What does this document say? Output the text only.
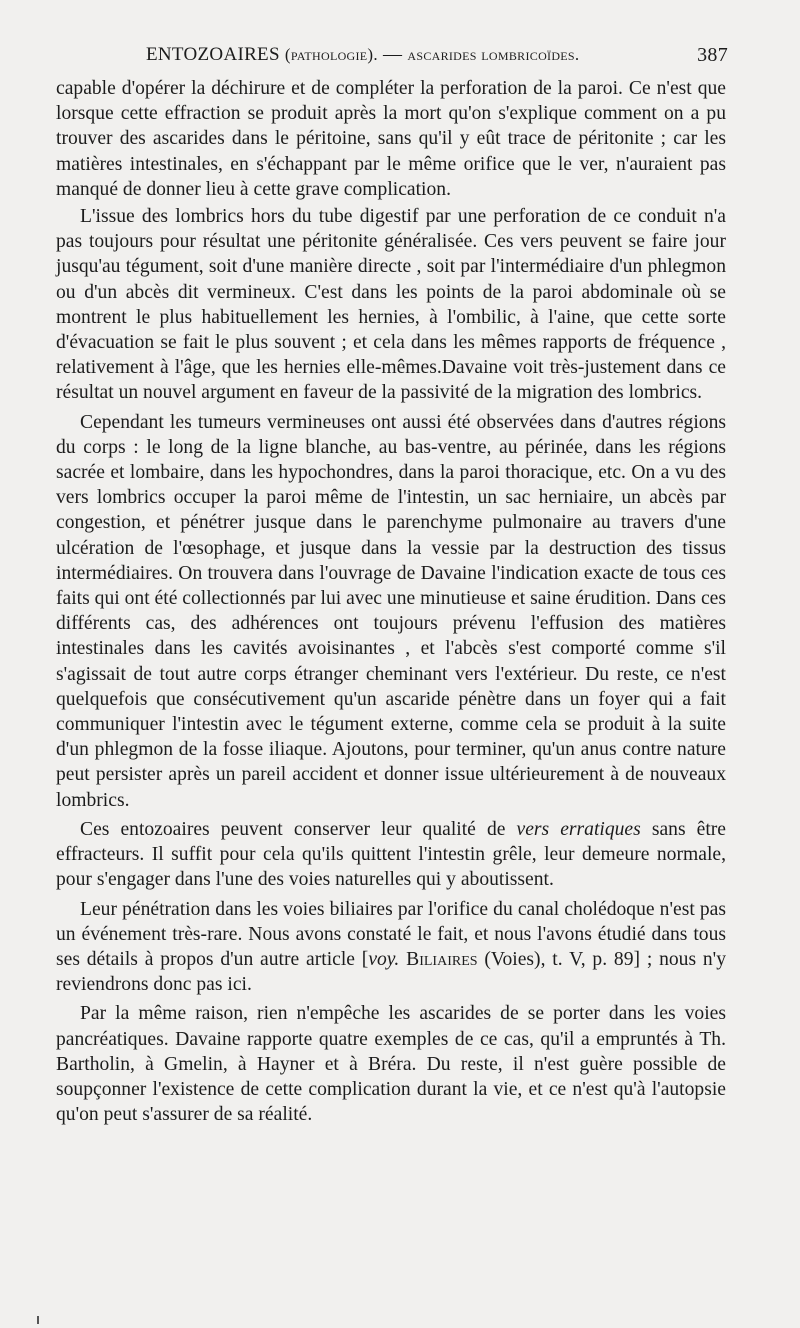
ENTOZOAIRES (pathologie). — ascarides lombricoïdes.	387

capable d'opérer la déchirure et de compléter la perforation de la paroi. Ce n'est que lorsque cette effraction se produit après la mort qu'on s'explique comment on a pu trouver des ascarides dans le péritoine, sans qu'il y eût trace de péritonite ; car les matières intestinales, en s'échappant par le même orifice que le ver, n'auraient pas manqué de donner lieu à cette grave complication.

L'issue des lombrics hors du tube digestif par une perforation de ce conduit n'a pas toujours pour résultat une péritonite généralisée. Ces vers peuvent se faire jour jusqu'au tégument, soit d'une manière directe , soit par l'intermédiaire d'un phlegmon ou d'un abcès dit vermineux. C'est dans les points de la paroi abdominale où se montrent le plus habituellement les hernies, à l'ombilic, à l'aine, que cette sorte d'évacuation se fait le plus souvent ; et cela dans les mêmes rapports de fréquence , relativement à l'âge, que les hernies elle-mêmes.Davaine voit très-justement dans ce résultat un nouvel argument en faveur de la passivité de la migration des lombrics.

Cependant les tumeurs vermineuses ont aussi été observées dans d'autres régions du corps : le long de la ligne blanche, au bas-ventre, au périnée, dans les régions sacrée et lombaire, dans les hypochondres, dans la paroi thoracique, etc. On a vu des vers lombrics occuper la paroi même de l'intestin, un sac herniaire, un abcès par congestion, et pénétrer jusque dans le parenchyme pulmonaire au travers d'une ulcération de l'œsophage, et jusque dans la vessie par la destruction des tissus intermédiaires. On trouvera dans l'ouvrage de Davaine l'indication exacte de tous ces faits qui ont été collectionnés par lui avec une minutieuse et saine érudition. Dans ces différents cas, des adhérences ont toujours prévenu l'effusion des matières intestinales dans les cavités avoisinantes , et l'abcès s'est comporté comme s'il s'agissait de tout autre corps étranger cheminant vers l'extérieur. Du reste, ce n'est quelquefois que consécutivement qu'un ascaride pénètre dans un foyer qui a fait communiquer l'intestin avec le tégument externe, comme cela se produit à la suite d'un phlegmon de la fosse iliaque. Ajoutons, pour terminer, qu'un anus contre nature peut persister après un pareil accident et donner issue ultérieurement à de nouveaux lombrics.

Ces entozoaires peuvent conserver leur qualité de vers erratiques sans être effracteurs. Il suffit pour cela qu'ils quittent l'intestin grêle, leur demeure normale, pour s'engager dans l'une des voies naturelles qui y aboutissent.

Leur pénétration dans les voies biliaires par l'orifice du canal cholédoque n'est pas un événement très-rare. Nous avons constaté le fait, et nous l'avons étudié dans tous ses détails à propos d'un autre article [voy. Biliaires (Voies), t. V, p. 89] ; nous n'y reviendrons donc pas ici.

Par la même raison, rien n'empêche les ascarides de se porter dans les voies pancréatiques. Davaine rapporte quatre exemples de ce cas, qu'il a empruntés à Th. Bartholin, à Gmelin, à Hayner et à Bréra. Du reste, il n'est guère possible de soupçonner l'existence de cette complication durant la vie, et ce n'est qu'à l'autopsie qu'on peut s'assurer de sa réalité.
